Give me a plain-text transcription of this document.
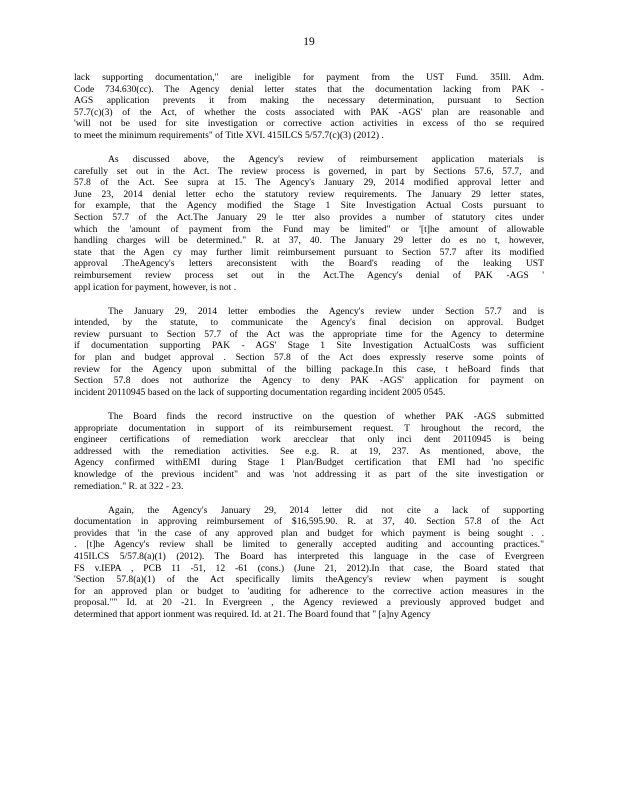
19

lack supporting documentation," are ineligible for payment from the UST Fund. 35Ill. Adm.
Code 734.630(cc). The Agency denial letter states that the documentation lacking from PAK -
AGS application prevents it from making the necessary determination, pursuant to Section
57.7(c)(3) of the Act, of whether the costs associated with PAK -AGS' plan are reasonable and
'will not be used for site investigation or corrective action activities in excess of tho se required
to meet the minimum requirements" of Title XVI. 415ILCS 5/57.7(c)(3) (2012) .

As discussed above, the Agency's review of reimbursement application materials is
carefully set out in the Act. The review process is governed, in part by Sections 57.6, 57.7, and
57.8 of the Act. See supra at 15. The Agency's January 29, 2014 modified approval letter and
June 23, 2014 denial letter echo the statutory review requirements. The January 29 letter states,
for example, that the Agency modified the Stage 1 Site Investigation Actual Costs pursuant to
Section 57.7 of the Act.The January 29 le tter also provides a number of statutory cites under
which the 'amount of payment from the Fund may be limited" or '[t]he amount of allowable
handling charges will be determined." R. at 37, 40. The January 29 letter do es no t, however,
state that the Agen cy may further limit reimbursement pursuant to Section 57.7 after its modified
approval .TheAgency's letters areconsistent with the Board's reading of the leaking UST
reimbursement review process set out in the Act.The Agency's denial of PAK -AGS '
appl ication for payment, however, is not .

The January 29, 2014 letter embodies the Agency's review under Section 57.7 and is
intended, by the statute, to communicate the Agency's final decision on approval. Budget
review pursuant to Section 57.7 of the Act was the appropriate time for the Agency to determine
if documentation supporting PAK - AGS' Stage 1 Site Investigation ActualCosts was sufficient
for plan and budget approval . Section 57.8 of the Act does expressly reserve some points of
review for the Agency upon submittal of the billing package.In this case, t heBoard finds that
Section 57.8 does not authorize the Agency to deny PAK -AGS' application for payment on
incident 20110945 based on the lack of supporting documentation regarding incident 2005 0545.

The Board finds the record instructive on the question of whether PAK -AGS submitted
appropriate documentation in support of its reimbursement request. T hroughout the record, the
engineer certifications of remediation work arecclear that only inci dent 20110945 is being
addressed with the remediation activities. See e.g. R. at 19, 237. As mentioned, above, the
Agency confirmed withEMI during Stage 1 Plan/Budget certification that EMI had 'no specific
knowledge of the previous incident" and was 'not addressing it as part of the site investigation or
remediation." R. at 322 - 23.

Again, the Agency's January 29, 2014 letter did not cite a lack of supporting
documentation in approving reimbursement of $16,595.90. R. at 37, 40. Section 57.8 of the Act
provides that 'in the case of any approved plan and budget for which payment is being sought . .
. [t]he Agency's review shall be limited to generally accepted auditing and accounting practices."
415ILCS 5/57.8(a)(1) (2012). The Board has interpreted this language in the case of Evergreen
FS v.IEPA , PCB 11 -51, 12 -61 (cons.) (June 21, 2012).In that case, the Board stated that
'Section 57.8(a)(1) of the Act specifically limits theAgency's review when payment is sought
for an approved plan or budget to 'auditing for adherence to the corrective action measures in the
proposal."" Id. at 20 -21. In Evergreen , the Agency reviewed a previously approved budget and
determined that apport ionment was required. Id. at 21. The Board found that " [a]ny Agency
